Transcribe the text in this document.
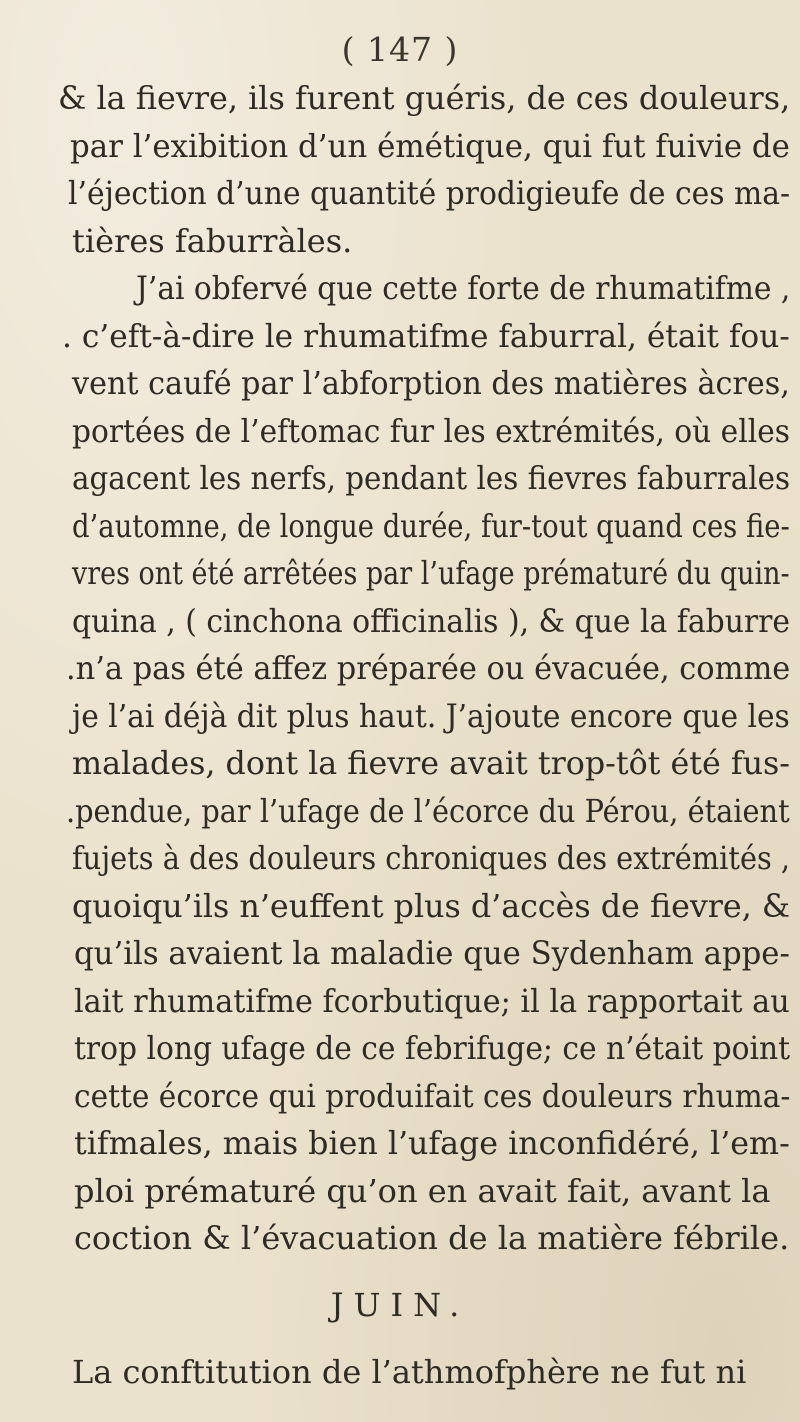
( 147 )
& la fievre, ils furent guéris, de ces douleurs,
par l’exibition d’un émétique, qui fut fuivie de
l’éjection d’une quantité prodigieufe de ces ma-
tières faburràles.
J’ai obfervé que cette forte de rhumatifme ,
. c’eft-à-dire le rhumatifme faburral, était fou-
vent caufé par l’abforption des matières àcres,
portées de l’eftomac fur les extrémités, où elles
agacent les nerfs, pendant les fievres faburrales
d’automne, de longue durée, fur-tout quand ces fie-
vres ont été arrêtées par l’ufage prématuré du quin-
quina , ( cinchona officinalis ), & que la faburre
.n’a pas été affez préparée ou évacuée, comme
je l’ai déjà dit plus haut. J’ajoute encore que les
malades, dont la fievre avait trop-tôt été fus-
.pendue, par l’ufage de l’écorce du Pérou, étaient
fujets à des douleurs chroniques des extrémités ,
quoiqu’ils n’euffent plus d’accès de fievre, &
qu’ils avaient la maladie que Sydenham appe-
lait rhumatifme fcorbutique; il la rapportait au
trop long ufage de ce febrifuge; ce n’était point
cette écorce qui produifait ces douleurs rhuma-
tifmales, mais bien l’ufage inconfidéré, l’em-
ploi prématuré qu’on en avait fait, avant la
coction & l’évacuation de la matière fébrile.
JUIN.
La conftitution de l’athmofphère ne fut ni
